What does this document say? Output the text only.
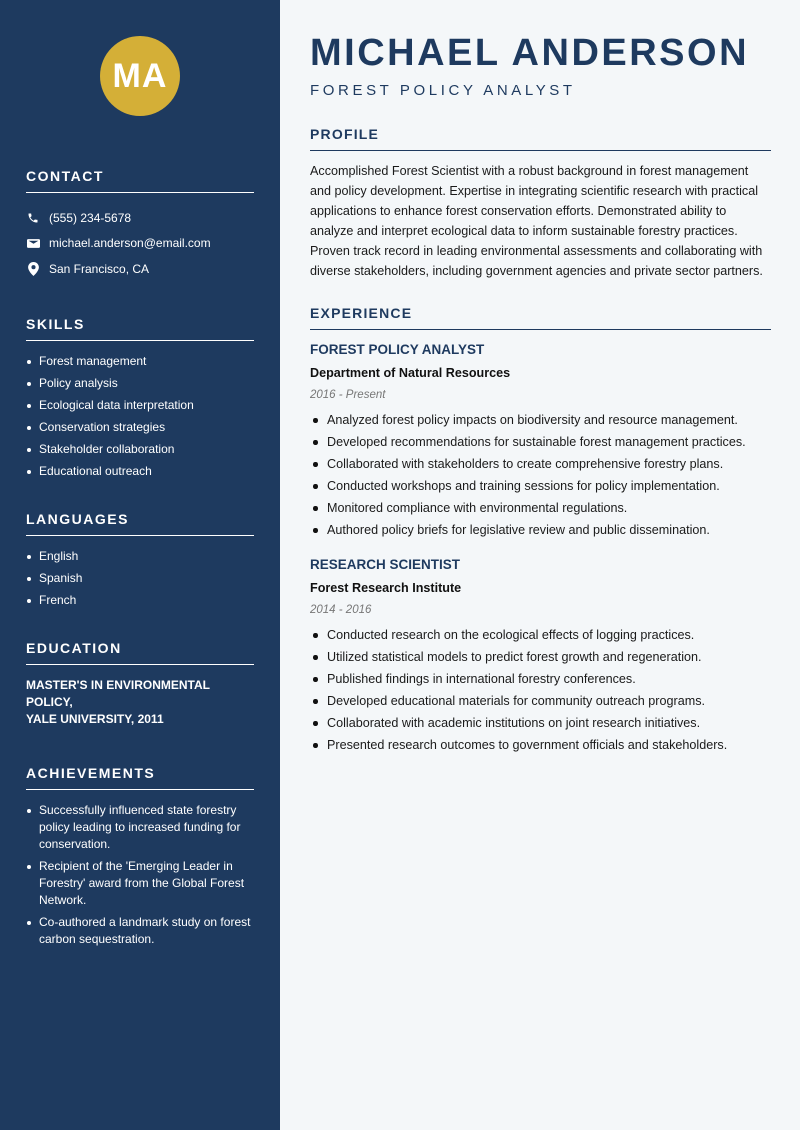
MA
CONTACT
(555) 234-5678
michael.anderson@email.com
San Francisco, CA
SKILLS
Forest management
Policy analysis
Ecological data interpretation
Conservation strategies
Stakeholder collaboration
Educational outreach
LANGUAGES
English
Spanish
French
EDUCATION
MASTER'S IN ENVIRONMENTAL POLICY,
YALE UNIVERSITY, 2011
ACHIEVEMENTS
Successfully influenced state forestry policy leading to increased funding for conservation.
Recipient of the 'Emerging Leader in Forestry' award from the Global Forest Network.
Co-authored a landmark study on forest carbon sequestration.
MICHAEL ANDERSON
FOREST POLICY ANALYST
PROFILE

Accomplished Forest Scientist with a robust background in forest management and policy development. Expertise in integrating scientific research with practical applications to enhance forest conservation efforts. Demonstrated ability to analyze and interpret ecological data to inform sustainable forestry practices. Proven track record in leading environmental assessments and collaborating with diverse stakeholders, including government agencies and private sector partners.

EXPERIENCE
FOREST POLICY ANALYST
Department of Natural Resources
2016 - Present
Analyzed forest policy impacts on biodiversity and resource management.
Developed recommendations for sustainable forest management practices.
Collaborated with stakeholders to create comprehensive forestry plans.
Conducted workshops and training sessions for policy implementation.
Monitored compliance with environmental regulations.
Authored policy briefs for legislative review and public dissemination.
RESEARCH SCIENTIST
Forest Research Institute
2014 - 2016
Conducted research on the ecological effects of logging practices.
Utilized statistical models to predict forest growth and regeneration.
Published findings in international forestry conferences.
Developed educational materials for community outreach programs.
Collaborated with academic institutions on joint research initiatives.
Presented research outcomes to government officials and stakeholders.
